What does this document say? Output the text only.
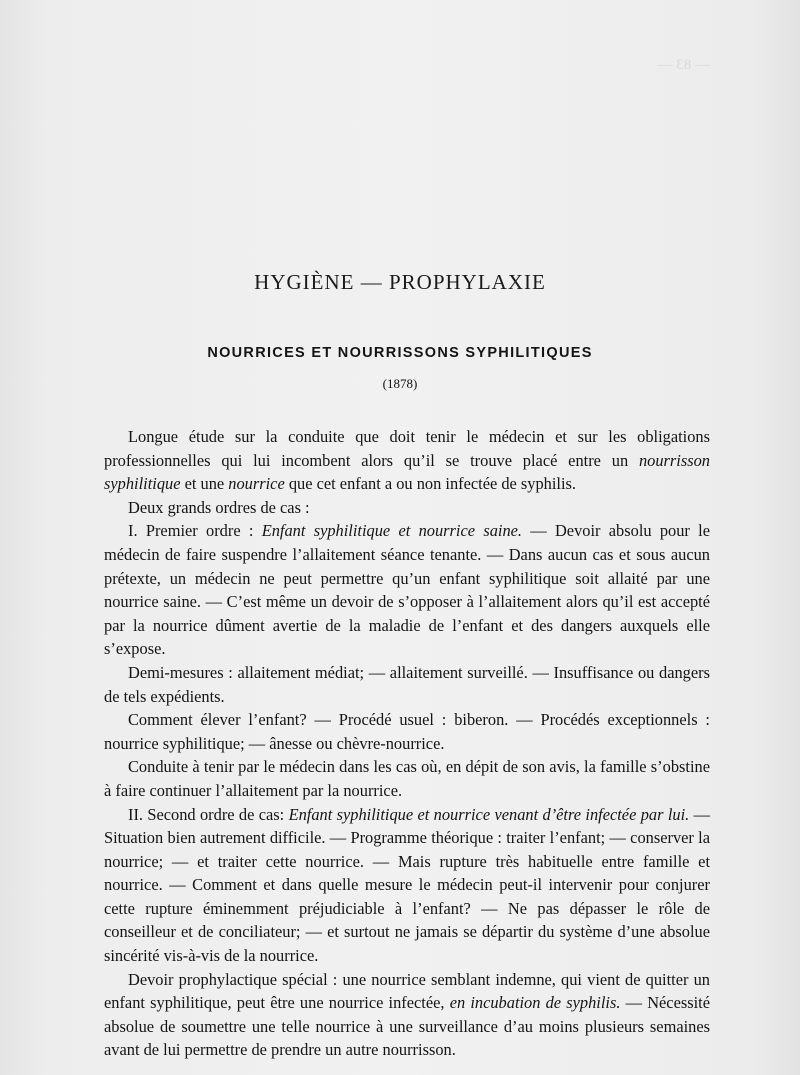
— 83 —
HYGIÈNE — PROPHYLAXIE
NOURRICES ET NOURRISSONS SYPHILITIQUES
(1878)

Longue étude sur la conduite que doit tenir le médecin et sur les obligations professionnelles qui lui incombent alors qu’il se trouve placé entre un nourrisson syphilitique et une nourrice que cet enfant a ou non infectée de syphilis.

Deux grands ordres de cas :

I. Premier ordre : Enfant syphilitique et nourrice saine. — Devoir absolu pour le médecin de faire suspendre l’allaitement séance tenante. — Dans aucun cas et sous aucun prétexte, un médecin ne peut permettre qu’un enfant syphilitique soit allaité par une nourrice saine. — C’est même un devoir de s’opposer à l’allaitement alors qu’il est accepté par la nourrice dûment avertie de la maladie de l’enfant et des dangers auxquels elle s’expose.

Demi-mesures : allaitement médiat; — allaitement surveillé. — Insuffisance ou dangers de tels expédients.

Comment élever l’enfant? — Procédé usuel : biberon. — Procédés exceptionnels : nourrice syphilitique; — ânesse ou chèvre-nourrice.

Conduite à tenir par le médecin dans les cas où, en dépit de son avis, la famille s’obstine à faire continuer l’allaitement par la nourrice.

II. Second ordre de cas: Enfant syphilitique et nourrice venant d’être infectée par lui. — Situation bien autrement difficile. — Programme théorique : traiter l’enfant; — conserver la nourrice; — et traiter cette nourrice. — Mais rupture très habituelle entre famille et nourrice. — Comment et dans quelle mesure le médecin peut-il intervenir pour conjurer cette rupture éminemment préjudiciable à l’enfant? — Ne pas dépasser le rôle de conseilleur et de conciliateur; — et surtout ne jamais se départir du système d’une absolue sincérité vis-à-vis de la nourrice.

Devoir prophylactique spécial : une nourrice semblant indemne, qui vient de quitter un enfant syphilitique, peut être une nourrice infectée, en incubation de syphilis. — Nécessité absolue de soumettre une telle nourrice à une surveillance d’au moins plusieurs semaines avant de lui permettre de prendre un autre nourrisson.
